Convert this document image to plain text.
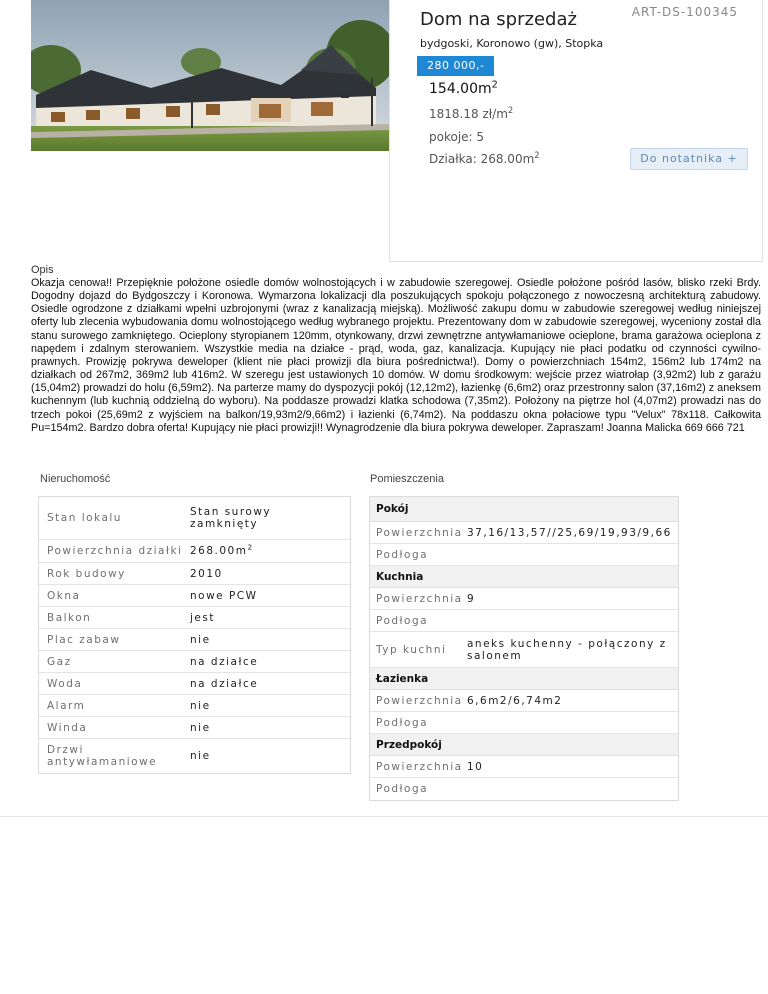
Dom na sprzedaż	ART-DS-100345
bydgoski, Koronowo (gw), Stopka
280 000,-
$154.00m^2$
1818.18 $zł/m^2$
pokoje: 5
Działka: $268.00m^2$	Do notatnika +
Opis
Okazja cenowa!! Przepięknie położone osiedle domów wolnostojących i w zabudowie szeregowej. Osiedle położone pośród lasów, blisko rzeki Brdy. Dogodny dojazd do Bydgoszczy i Koronowa. Wymarzona lokalizacji dla poszukujących spokoju połączonego z nowoczesną architekturą zabudowy. Osiedle ogrodzone z działkami wpełni uzbrojonymi (wraz z kanalizacją miejską). Możliwość zakupu domu w zabudowie szeregowej według niniejszej oferty lub zlecenia wybudowania domu wolnostojącego według wybranego projektu. Prezentowany dom w zabudowie szeregowej, wyceniony został dla stanu surowego zamkniętego. Ocieplony styropianem 120mm, otynkowany, drzwi zewnętrzne antywłamaniowe ocieplone, brama garażowa ocieplona z napędem i zdalnym sterowaniem. Wszystkie media na działce - prąd, woda, gaz, kanalizacja. Kupujący nie płaci podatku od czynności cywilno-prawnych. Prowizję pokrywa deweloper (klient nie płaci prowizji dla biura pośrednictwa!). Domy o powierzchniach 154m2, 156m2 lub 174m2 na działkach od 267m2, 369m2 lub 416m2. W szeregu jest ustawionych 10 domów. W domu środkowym: wejście przez wiatrołap (3,92m2) lub z garażu (15,04m2) prowadzi do holu (6,59m2). Na parterze mamy do dyspozycji pokój (12,12m2), łazienkę (6,6m2) oraz przestronny salon (37,16m2) z aneksem kuchennym (lub kuchnią oddzielną do wyboru). Na poddasze prowadzi klatka schodowa (7,35m2). Położony na piętrze hol (4,07m2) prowadzi nas do trzech pokoi (25,69m2 z wyjściem na balkon/19,93m2/9,66m2) i łazienki (6,74m2). Na poddaszu okna połaciowe typu "Velux" 78x118. Całkowita Pu=154m2. Bardzo dobra oferta! Kupujący nie płaci prowizji!! Wynagrodzenie dla biura pokrywa deweloper. Zapraszam! Joanna Malicka 669 666 721
Nieruchomość
Stan lokalu	Stan surowy zamknięty
Powierzchnia działki $268.00m^2$
Rok budowy	2010
Okna	nowe PCW
Balkon	jest
Plac zabaw	nie
Gaz	na działce
Woda	na działce
Alarm	nie
Winda	nie
Drzwi antywłamaniowe	nie
Pomieszczenia
Pokój
Powierzchnia 37,16/13,57//25,69/19,93/9,66
Podłoga
Kuchnia
Powierzchnia 9
Podłoga
Typ kuchni	aneks kuchenny - połączony z salonem
Łazienka
Powierzchnia 6,6m2/6,74m2
Podłoga
Przedpokój
Powierzchnia 10
Podłoga
